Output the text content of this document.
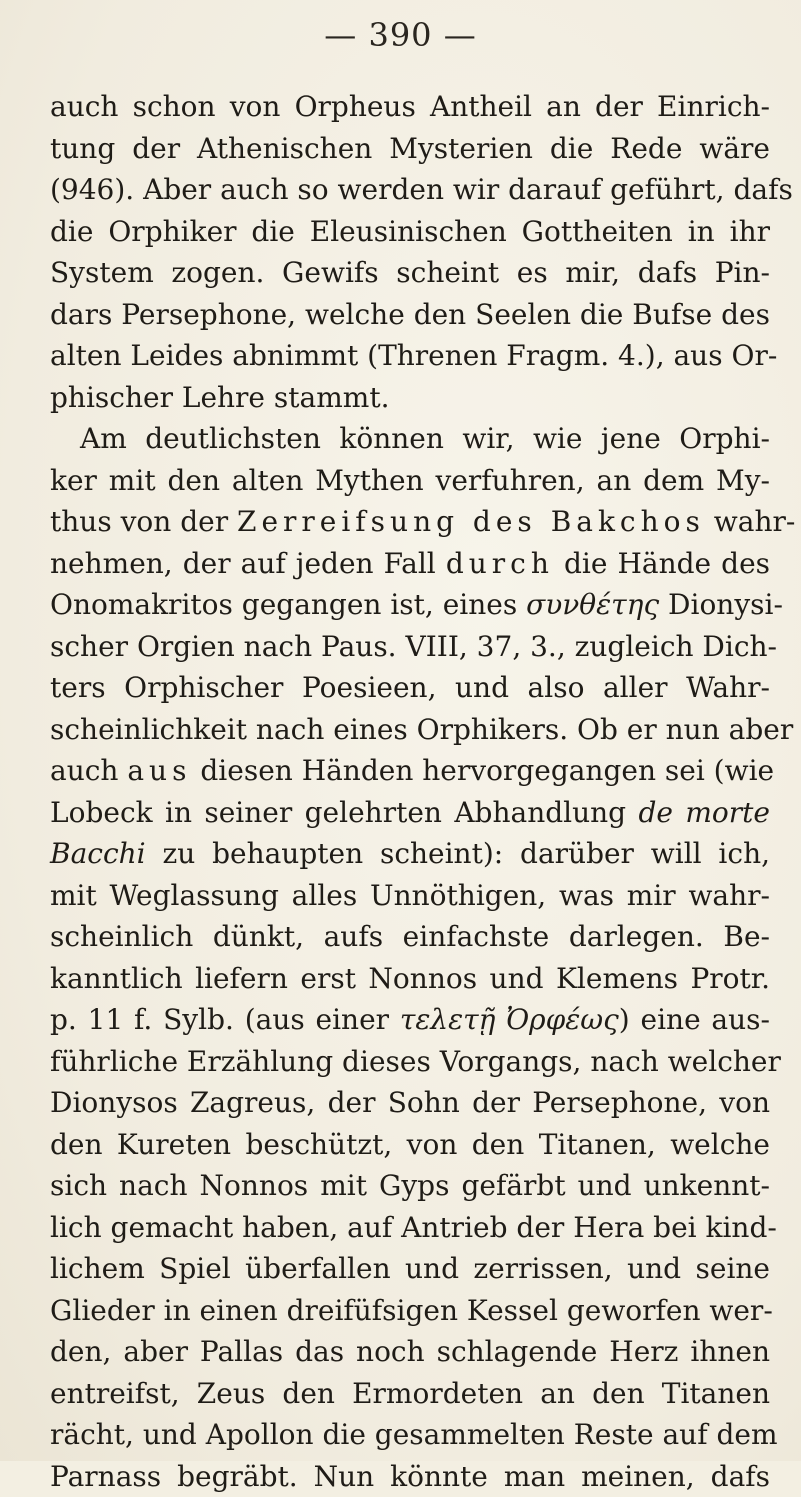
— 390 —
auch schon von Orpheus Antheil an der Einrich-
tung der Athenischen Mysterien die Rede wäre
(946). Aber auch so werden wir darauf geführt, dafs
die Orphiker die Eleusinischen Gottheiten in ihr
System zogen. Gewifs scheint es mir, dafs Pin-
dars Persephone, welche den Seelen die Bufse des
alten Leides abnimmt (Threnen Fragm. 4.), aus Or-
phischer Lehre stammt.
Am deutlichsten können wir, wie jene Orphi-
ker mit den alten Mythen verfuhren, an dem My-
thus von der Zerreifsung des Bakchos wahr-
nehmen, der auf jeden Fall durch die Hände des
Onomakritos gegangen ist, eines συνθέτης Dionysi-
scher Orgien nach Paus. VIII, 37, 3., zugleich Dich-
ters Orphischer Poesieen, und also aller Wahr-
scheinlichkeit nach eines Orphikers. Ob er nun aber
auch aus diesen Händen hervorgegangen sei (wie
Lobeck in seiner gelehrten Abhandlung de morte
Bacchi zu behaupten scheint): darüber will ich,
mit Weglassung alles Unnöthigen, was mir wahr-
scheinlich dünkt, aufs einfachste darlegen. Be-
kanntlich liefern erst Nonnos und Klemens Protr.
p. 11 f. Sylb. (aus einer τελετῇ Ὀρφέως) eine aus-
führliche Erzählung dieses Vorgangs, nach welcher
Dionysos Zagreus, der Sohn der Persephone, von
den Kureten beschützt, von den Titanen, welche
sich nach Nonnos mit Gyps gefärbt und unkennt-
lich gemacht haben, auf Antrieb der Hera bei kind-
lichem Spiel überfallen und zerrissen, und seine
Glieder in einen dreifüfsigen Kessel geworfen wer-
den, aber Pallas das noch schlagende Herz ihnen
entreifst, Zeus den Ermordeten an den Titanen
rächt, und Apollon die gesammelten Reste auf dem
Parnass begräbt. Nun könnte man meinen, dafs
